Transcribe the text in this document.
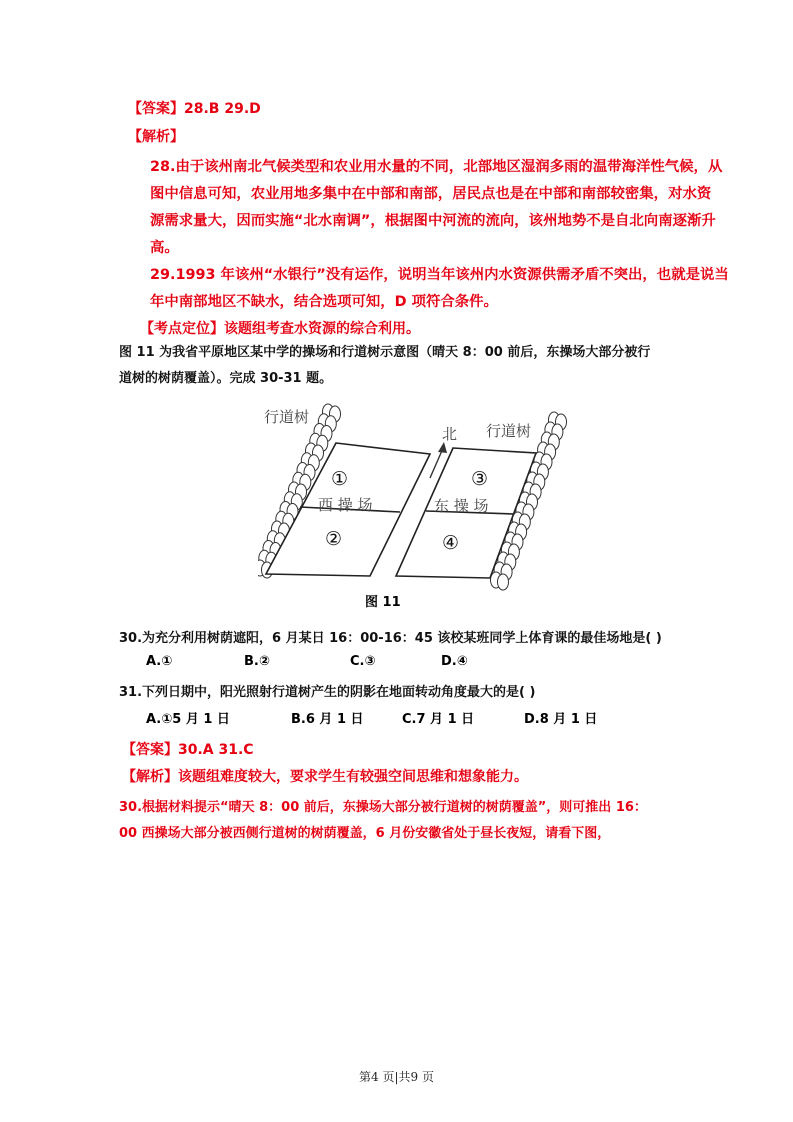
【答案】28.B 29.D
【解析】
28.由于该州南北气候类型和农业用水量的不同，北部地区湿润多雨的温带海洋性气候，从
图中信息可知，农业用地多集中在中部和南部，居民点也是在中部和南部较密集，对水资
源需求量大，因而实施“北水南调”，根据图中河流的流向，该州地势不是自北向南逐渐升
高。
29.1993 年该州“水银行”没有运作，说明当年该州内水资源供需矛盾不突出，也就是说当
年中南部地区不缺水，结合选项可知，D 项符合条件。
【考点定位】该题组考查水资源的综合利用。
图 11 为我省平原地区某中学的操场和行道树示意图（晴天 8：00 前后，东操场大部分被行
道树的树荫覆盖）。完成 30-31 题。
行道树
行道树
北
西 操 场	东 操 场
①
②
③
④
图 11
30.为充分利用树荫遮阳，6 月某日 16：00-16：45 该校某班同学上体育课的最佳场地是( )
A.①	B.②	C.③	D.④
31.下列日期中，阳光照射行道树产生的阴影在地面转动角度最大的是( )
A.①5 月 1 日	B.6 月 1 日	C.7 月 1 日	D.8 月 1 日
【答案】30.A 31.C
【解析】该题组难度较大，要求学生有较强空间思维和想象能力。
30.根据材料提示“晴天 8：00 前后，东操场大部分被行道树的树荫覆盖”，则可推出 16：
00 西操场大部分被西侧行道树的树荫覆盖，6 月份安徽省处于昼长夜短，请看下图，
第4 页|共9 页
